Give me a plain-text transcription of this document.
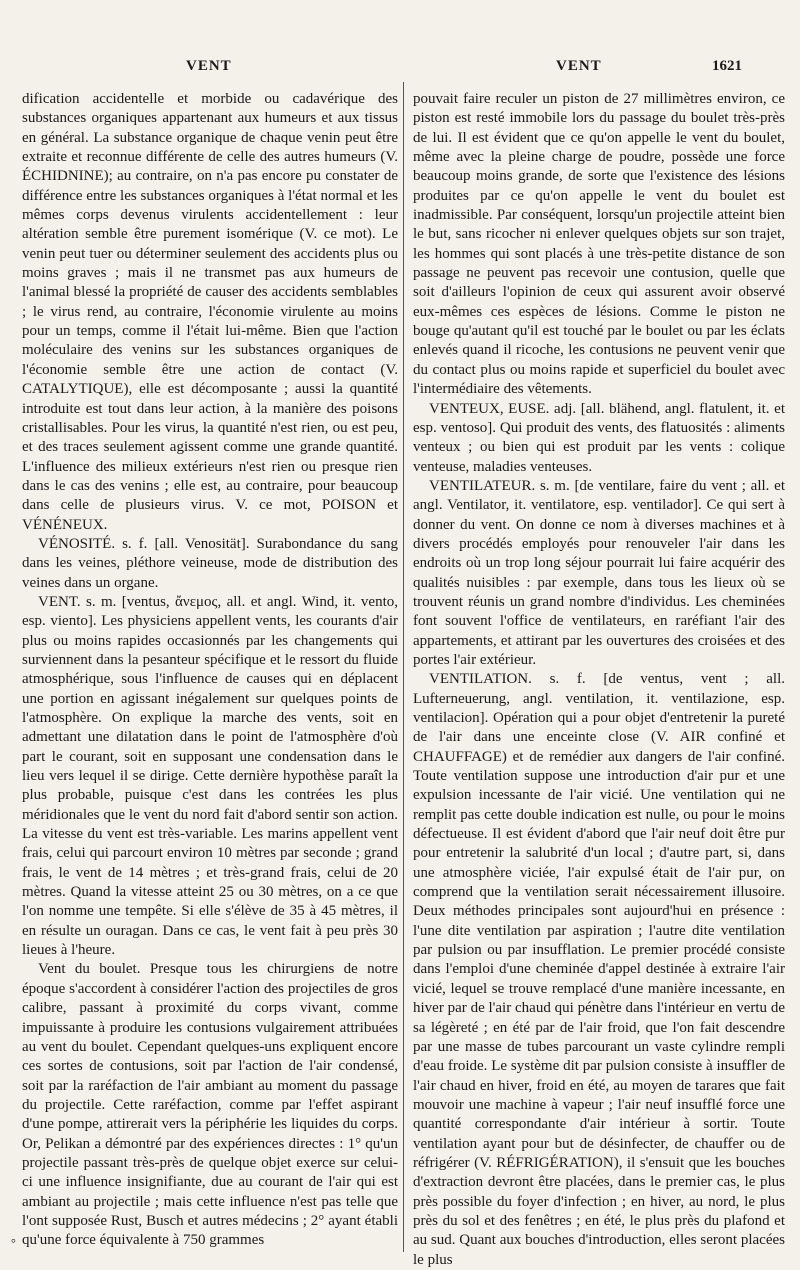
VENT	VENT	1621

dification accidentelle et morbide ou cadavérique des substances organiques appartenant aux humeurs et aux tissus en général. La substance organique de chaque venin peut être extraite et reconnue différente de celle des autres humeurs (V. ÉCHIDNINE); au contraire, on n'a pas encore pu constater de différence entre les substances organiques à l'état normal et les mêmes corps devenus virulents accidentellement : leur altération semble être purement isomérique (V. ce mot). Le venin peut tuer ou déterminer seulement des accidents plus ou moins graves ; mais il ne transmet pas aux humeurs de l'animal blessé la propriété de causer des accidents semblables ; le virus rend, au contraire, l'économie virulente au moins pour un temps, comme il l'était lui-même. Bien que l'action moléculaire des venins sur les substances organiques de l'économie semble être une action de contact (V. CATALYTIQUE), elle est décomposante ; aussi la quantité introduite est tout dans leur action, à la manière des poisons cristallisables. Pour les virus, la quantité n'est rien, ou est peu, et des traces seulement agissent comme une grande quantité. L'influence des milieux extérieurs n'est rien ou presque rien dans le cas des venins ; elle est, au contraire, pour beaucoup dans celle de plusieurs virus. V. ce mot, POISON et VÉNÉNEUX.

VÉNOSITÉ. s. f. [all. Venosität]. Surabondance du sang dans les veines, pléthore veineuse, mode de distribution des veines dans un organe.

VENT. s. m. [ventus, ἄνεμος, all. et angl. Wind, it. vento, esp. viento]. Les physiciens appellent vents, les courants d'air plus ou moins rapides occasionnés par les changements qui surviennent dans la pesanteur spécifique et le ressort du fluide atmosphérique, sous l'influence de causes qui en déplacent une portion en agissant inégalement sur quelques points de l'atmosphère. On explique la marche des vents, soit en admettant une dilatation dans le point de l'atmosphère d'où part le courant, soit en supposant une condensation dans le lieu vers lequel il se dirige. Cette dernière hypothèse paraît la plus probable, puisque c'est dans les contrées les plus méridionales que le vent du nord fait d'abord sentir son action. La vitesse du vent est très-variable. Les marins appellent vent frais, celui qui parcourt environ 10 mètres par seconde ; grand frais, le vent de 14 mètres ; et très-grand frais, celui de 20 mètres. Quand la vitesse atteint 25 ou 30 mètres, on a ce que l'on nomme une tempête. Si elle s'élève de 35 à 45 mètres, il en résulte un ouragan. Dans ce cas, le vent fait à peu près 30 lieues à l'heure.

Vent du boulet. Presque tous les chirurgiens de notre époque s'accordent à considérer l'action des projectiles de gros calibre, passant à proximité du corps vivant, comme impuissante à produire les contusions vulgairement attribuées au vent du boulet. Cependant quelques-uns expliquent encore ces sortes de contusions, soit par l'action de l'air condensé, soit par la raréfaction de l'air ambiant au moment du passage du projectile. Cette raréfaction, comme par l'effet aspirant d'une pompe, attirerait vers la périphérie les liquides du corps. Or, Pelikan a démontré par des expériences directes : 1° qu'un projectile passant très-près de quelque objet exerce sur celui-ci une influence insignifiante, due au courant de l'air qui est ambiant au projectile ; mais cette influence n'est pas telle que l'ont supposée Rust, Busch et autres médecins ; 2° ayant établi qu'une force équivalente à 750 grammes

pouvait faire reculer un piston de 27 millimètres environ, ce piston est resté immobile lors du passage du boulet très-près de lui. Il est évident que ce qu'on appelle le vent du boulet, même avec la pleine charge de poudre, possède une force beaucoup moins grande, de sorte que l'existence des lésions produites par ce qu'on appelle le vent du boulet est inadmissible. Par conséquent, lorsqu'un projectile atteint bien le but, sans ricocher ni enlever quelques objets sur son trajet, les hommes qui sont placés à une très-petite distance de son passage ne peuvent pas recevoir une contusion, quelle que soit d'ailleurs l'opinion de ceux qui assurent avoir observé eux-mêmes ces espèces de lésions. Comme le piston ne bouge qu'autant qu'il est touché par le boulet ou par les éclats enlevés quand il ricoche, les contusions ne peuvent venir que du contact plus ou moins rapide et superficiel du boulet avec l'intermédiaire des vêtements.

VENTEUX, EUSE. adj. [all. blähend, angl. flatulent, it. et esp. ventoso]. Qui produit des vents, des flatuosités : aliments venteux ; ou bien qui est produit par les vents : colique venteuse, maladies venteuses.

VENTILATEUR. s. m. [de ventilare, faire du vent ; all. et angl. Ventilator, it. ventilatore, esp. ventilador]. Ce qui sert à donner du vent. On donne ce nom à diverses machines et à divers procédés employés pour renouveler l'air dans les endroits où un trop long séjour pourrait lui faire acquérir des qualités nuisibles : par exemple, dans tous les lieux où se trouvent réunis un grand nombre d'individus. Les cheminées font souvent l'office de ventilateurs, en raréfiant l'air des appartements, et attirant par les ouvertures des croisées et des portes l'air extérieur.

VENTILATION. s. f. [de ventus, vent ; all. Lufterneuerung, angl. ventilation, it. ventilazione, esp. ventilacion]. Opération qui a pour objet d'entretenir la pureté de l'air dans une enceinte close (V. AIR confiné et CHAUFFAGE) et de remédier aux dangers de l'air confiné. Toute ventilation suppose une introduction d'air pur et une expulsion incessante de l'air vicié. Une ventilation qui ne remplit pas cette double indication est nulle, ou pour le moins défectueuse. Il est évident d'abord que l'air neuf doit être pur pour entretenir la salubrité d'un local ; d'autre part, si, dans une atmosphère viciée, l'air expulsé était de l'air pur, on comprend que la ventilation serait nécessairement illusoire. Deux méthodes principales sont aujourd'hui en présence : l'une dite ventilation par aspiration ; l'autre dite ventilation par pulsion ou par insufflation. Le premier procédé consiste dans l'emploi d'une cheminée d'appel destinée à extraire l'air vicié, lequel se trouve remplacé d'une manière incessante, en hiver par de l'air chaud qui pénètre dans l'intérieur en vertu de sa légèreté ; en été par de l'air froid, que l'on fait descendre par une masse de tubes parcourant un vaste cylindre rempli d'eau froide. Le système dit par pulsion consiste à insuffler de l'air chaud en hiver, froid en été, au moyen de tarares que fait mouvoir une machine à vapeur ; l'air neuf insufflé force une quantité correspondante d'air intérieur à sortir. Toute ventilation ayant pour but de désinfecter, de chauffer ou de réfrigérer (V. RÉFRIGÉRATION), il s'ensuit que les bouches d'extraction devront être placées, dans le premier cas, le plus près possible du foyer d'infection ; en hiver, au nord, le plus près du sol et des fenêtres ; en été, le plus près du plafond et au sud. Quant aux bouches d'introduction, elles seront placées le plus

°
